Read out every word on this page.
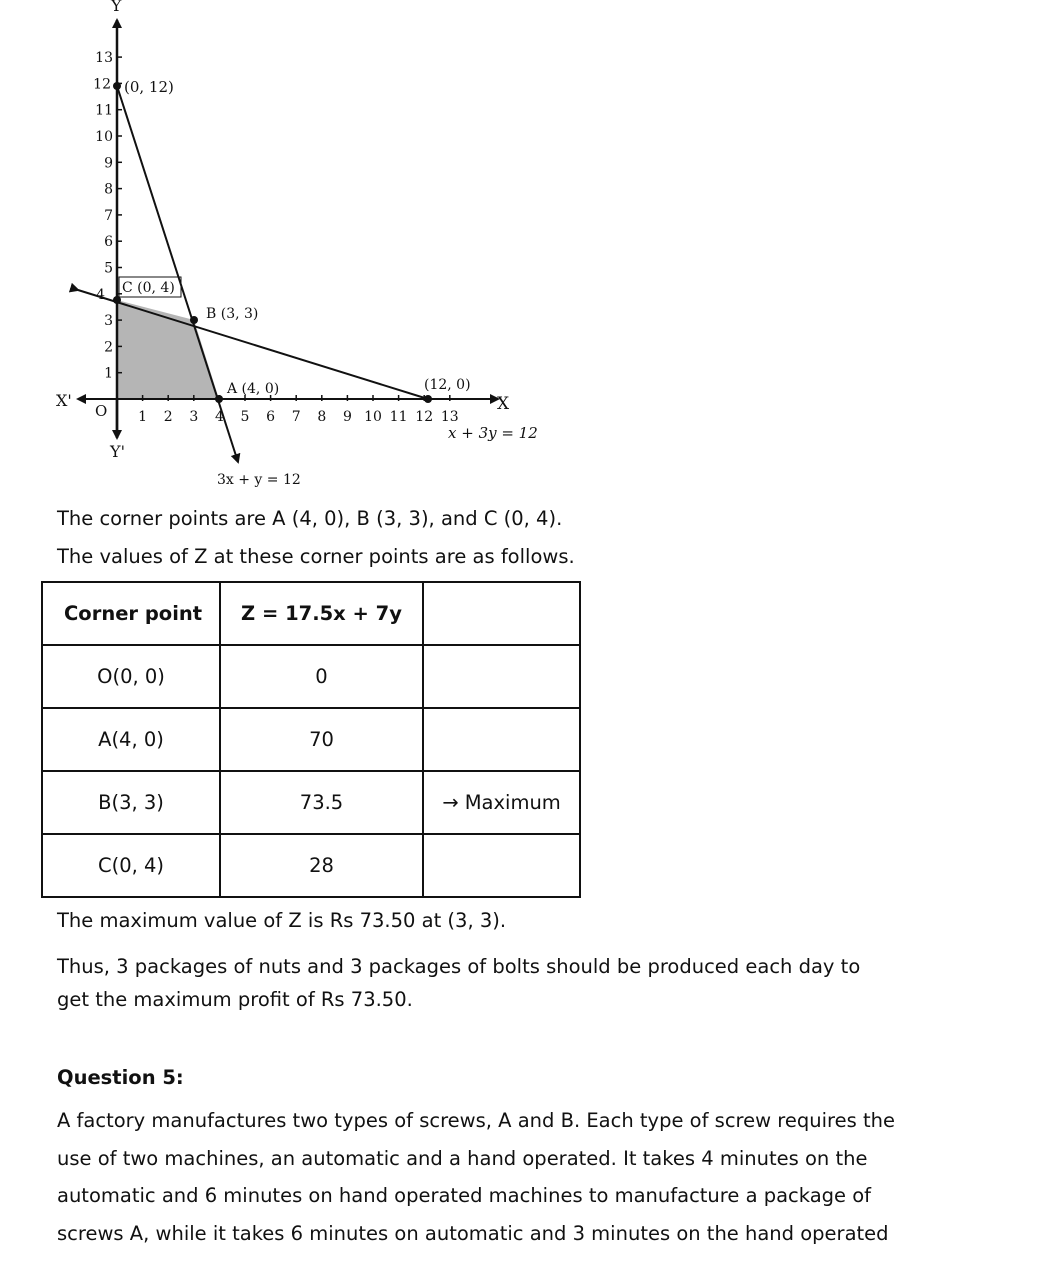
1
2
3
5
6
7
8
9
10
11
13
4
12
1 2 3 4 5 6 7 8 9 10 11 12 13
Y
Y'
X'	X
O
(0, 12)
C (0, 4)
B (3, 3)
A (4, 0)	(12, 0)
x + 3y = 12
3x + y = 12

The corner points are A (4, 0), B (3, 3), and C (0, 4).

The values of Z at these corner points are as follows.

Corner point	Z = 17.5x + 7y	
O(0, 0)	0	
A(4, 0)	70	
B(3, 3)	73.5	→ Maximum
C(0, 4)	28	

The maximum value of Z is Rs 73.50 at (3, 3).

Thus, 3 packages of nuts and 3 packages of bolts should be produced each day to
get the maximum profit of Rs 73.50.

Question 5:

A factory manufactures two types of screws, A and B. Each type of screw requires the
use of two machines, an automatic and a hand operated. It takes 4 minutes on the
automatic and 6 minutes on hand operated machines to manufacture a package of
screws A, while it takes 6 minutes on automatic and 3 minutes on the hand operated
